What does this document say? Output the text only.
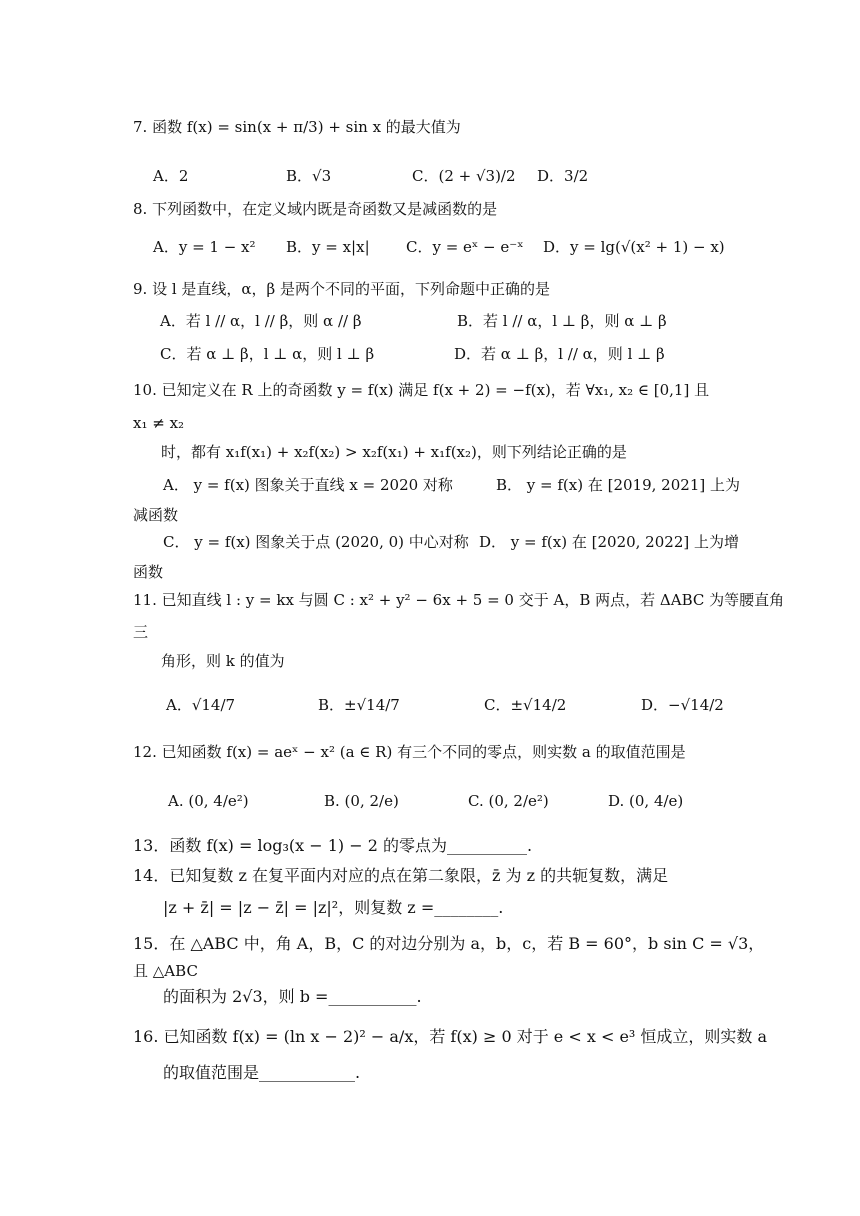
7. 函数 f(x) = sin(x + π/3) + sin x 的最大值为
A．2	B．√3	C．(2 + √3)/2 D．3/2
8. 下列函数中，在定义域内既是奇函数又是减函数的是
A．y = 1 − x² B．y = x|x| C．y = eˣ − e⁻ˣ D．y = lg(√(x² + 1) − x)
9. 设 l 是直线，α，β 是两个不同的平面，下列命题中正确的是
A．若 l // α，l // β，则 α // β	B．若 l // α，l ⊥ β，则 α ⊥ β
C．若 α ⊥ β，l ⊥ α，则 l ⊥ β	D．若 α ⊥ β，l // α，则 l ⊥ β
10. 已知定义在 R 上的奇函数 y = f(x) 满足 f(x + 2) = −f(x)，若 ∀x₁, x₂ ∈ [0,1] 且
x₁ ≠ x₂
时，都有 x₁f(x₁) + x₂f(x₂) > x₂f(x₁) + x₁f(x₂)，则下列结论正确的是
A． y = f(x) 图象关于直线 x = 2020 对称	B． y = f(x) 在 [2019, 2021] 上为
减函数
C． y = f(x) 图象关于点 (2020, 0) 中心对称 D． y = f(x) 在 [2020, 2022] 上为增
函数
11. 已知直线 l : y = kx 与圆 C : x² + y² − 6x + 5 = 0 交于 A，B 两点，若 ΔABC 为等腰直角
三
角形，则 k 的值为
A．√14/7	B．±√14/7	C．±√14/2	D．−√14/2
12. 已知函数 f(x) = aeˣ − x² (a ∈ R) 有三个不同的零点，则实数 a 的取值范围是
A. (0, 4/e²)	B. (0, 2/e)	C. (0, 2/e²)	D. (0, 4/e)
13．函数 f(x) = log₃(x − 1) − 2 的零点为__________.
14．已知复数 z 在复平面内对应的点在第二象限，z̄ 为 z 的共轭复数，满足
|z + z̄| = |z − z̄| = |z|²，则复数 z =________.
15．在 △ABC 中，角 A，B，C 的对边分别为 a，b，c，若 B = 60°，b sin C = √3，
且 △ABC
的面积为 2√3，则 b =___________.
16. 已知函数 f(x) = (ln x − 2)² − a/x，若 f(x) ≥ 0 对于 e < x < e³ 恒成立，则实数 a
的取值范围是____________.
